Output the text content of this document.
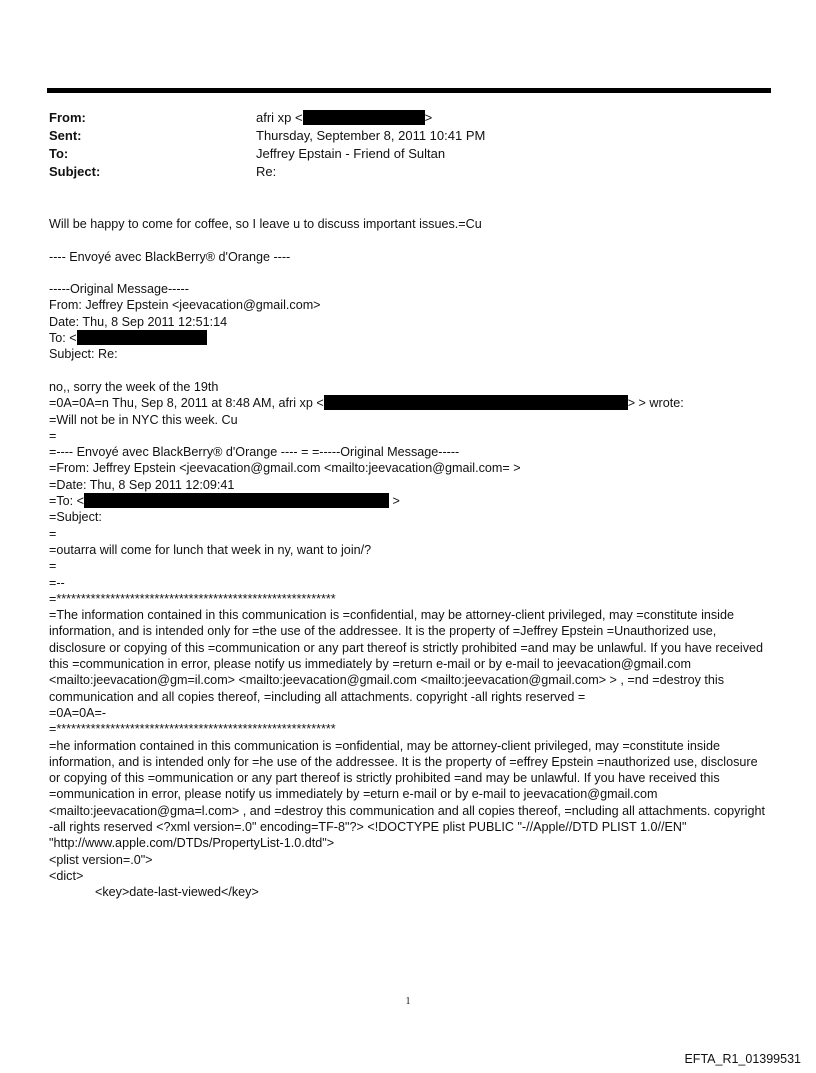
From:	afri xp <	>
Sent:	Thursday, September 8, 2011 10:41 PM
To:	Jeffrey Epstain - Friend of Sultan
Subject:	Re:
Will be happy to come for coffee, so I leave u to discuss important issues.=Cu
---- Envoyé avec BlackBerry® d'Orange ----
-----Original Message-----
From: Jeffrey Epstein <jeevacation@gmail.com>
Date: Thu, 8 Sep 2011 12:51:14
To: <
Subject: Re:
no,, sorry the week of the 19th
=0A=0A=n Thu, Sep 8, 2011 at 8:48 AM, afri xp <	> > wrote:
=Will not be in NYC this week. Cu
=
=---- Envoyé avec BlackBerry® d'Orange ---- = =-----Original Message-----
=From: Jeffrey Epstein <jeevacation@gmail.com <mailto:jeevacation@gmail.com= >
=Date: Thu, 8 Sep 2011 12:09:41
=To: <	>
=Subject:
=
=outarra will come for lunch that week in ny, want to join/?
=
=--
=*********************************************************
=The information contained in this communication is =confidential, may be attorney-client privileged, may =constitute inside information, and is intended only for =the use of the addressee. It is the property of =Jeffrey Epstein =Unauthorized use, disclosure or copying of this =communication or any part thereof is strictly prohibited =and may be unlawful. If you have received this =communication in error, please notify us immediately by =return e-mail or by e-mail to jeevacation@gmail.com <mailto:jeevacation@gm=il.com> <mailto:jeevacation@gmail.com <mailto:jeevacation@gmail.com> > , =nd =destroy this communication and all copies thereof, =including all attachments. copyright -all rights reserved =
=0A=0A=-
=*********************************************************
=he information contained in this communication is =onfidential, may be attorney-client privileged, may =constitute inside information, and is intended only for =he use of the addressee. It is the property of =effrey Epstein =nauthorized use, disclosure or copying of this =ommunication or any part thereof is strictly prohibited =and may be unlawful. If you have received this =ommunication in error, please notify us immediately by =eturn e-mail or by e-mail to jeevacation@gmail.com <mailto:jeevacation@gma=l.com> , and =destroy this communication and all copies thereof, =ncluding all attachments. copyright -all rights reserved <?xml version=.0" encoding=TF-8"?> <!DOCTYPE plist PUBLIC "-//Apple//DTD PLIST 1.0//EN" "http://www.apple.com/DTDs/PropertyList-1.0.dtd">
<plist version=.0">
<dict>
<key>date-last-viewed</key>
1
EFTA_R1_01399531
